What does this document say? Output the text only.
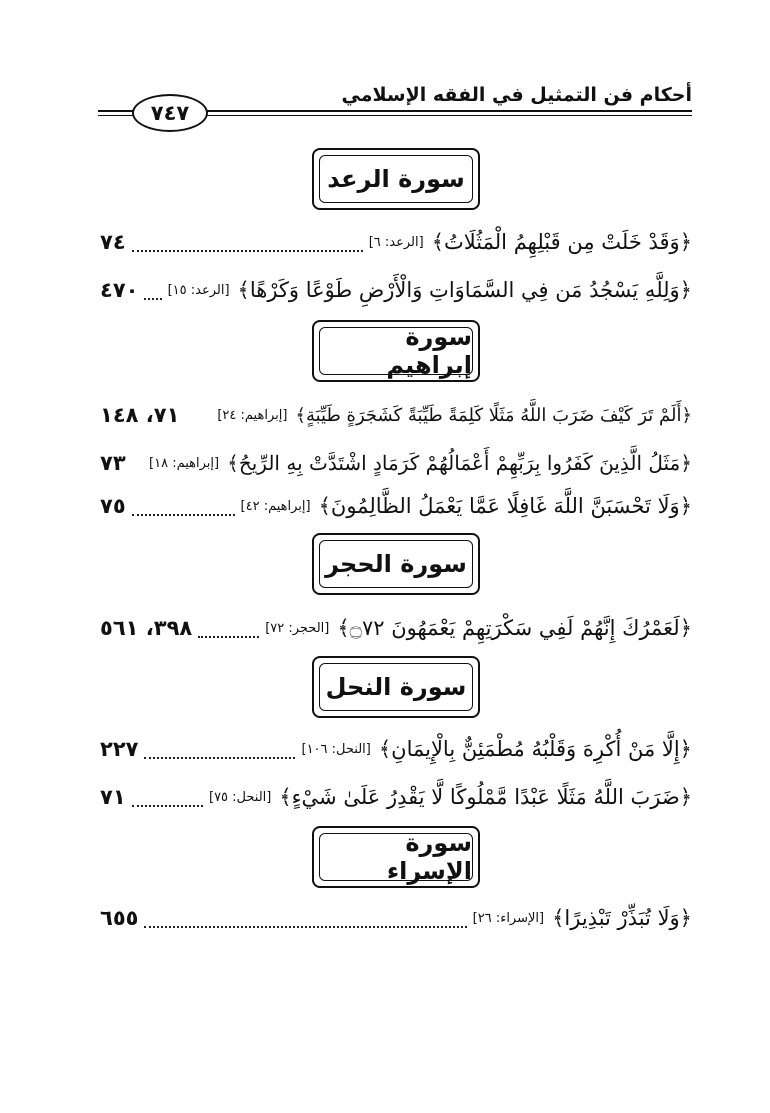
أحكام فن التمثيل في الفقه الإسلامي
٧٤٧
سورة الرعد
﴿وَقَدْ خَلَتْ مِن قَبْلِهِمُ الْمَثُلَاتُ﴾
[الرعد: ٦]
٧٤
﴿وَلِلَّهِ يَسْجُدُ مَن فِي السَّمَاوَاتِ وَالْأَرْضِ طَوْعًا وَكَرْهًا﴾
[الرعد: ١٥]
٤٧٠
سورة إبراهيم
﴿أَلَمْ تَرَ كَيْفَ ضَرَبَ اللَّهُ مَثَلًا كَلِمَةً طَيِّبَةً كَشَجَرَةٍ طَيِّبَةٍ﴾
[إبراهيم: ٢٤]
٧١، ١٤٨
﴿مَثَلُ الَّذِينَ كَفَرُوا بِرَبِّهِمْ أَعْمَالُهُمْ كَرَمَادٍ اشْتَدَّتْ بِهِ الرِّيحُ﴾
[إبراهيم: ١٨]
٧٣
﴿وَلَا تَحْسَبَنَّ اللَّهَ غَافِلًا عَمَّا يَعْمَلُ الظَّالِمُونَ﴾
[إبراهيم: ٤٢]
٧٥
سورة الحجر
﴿لَعَمْرُكَ إِنَّهُمْ لَفِي سَكْرَتِهِمْ يَعْمَهُونَ ۝٧٢﴾
[الحجر: ٧٢]
٣٩٨، ٥٦١
سورة النحل
﴿إِلَّا مَنْ أُكْرِهَ وَقَلْبُهُ مُطْمَئِنٌّ بِالْإِيمَانِ﴾
[النحل: ١٠٦]
٢٢٧
﴿ضَرَبَ اللَّهُ مَثَلًا عَبْدًا مَّمْلُوكًا لَّا يَقْدِرُ عَلَىٰ شَيْءٍ﴾
[النحل: ٧٥]
٧١
سورة الإسراء
﴿وَلَا تُبَذِّرْ تَبْذِيرًا﴾
[الإسراء: ٢٦]
٦٥٥
